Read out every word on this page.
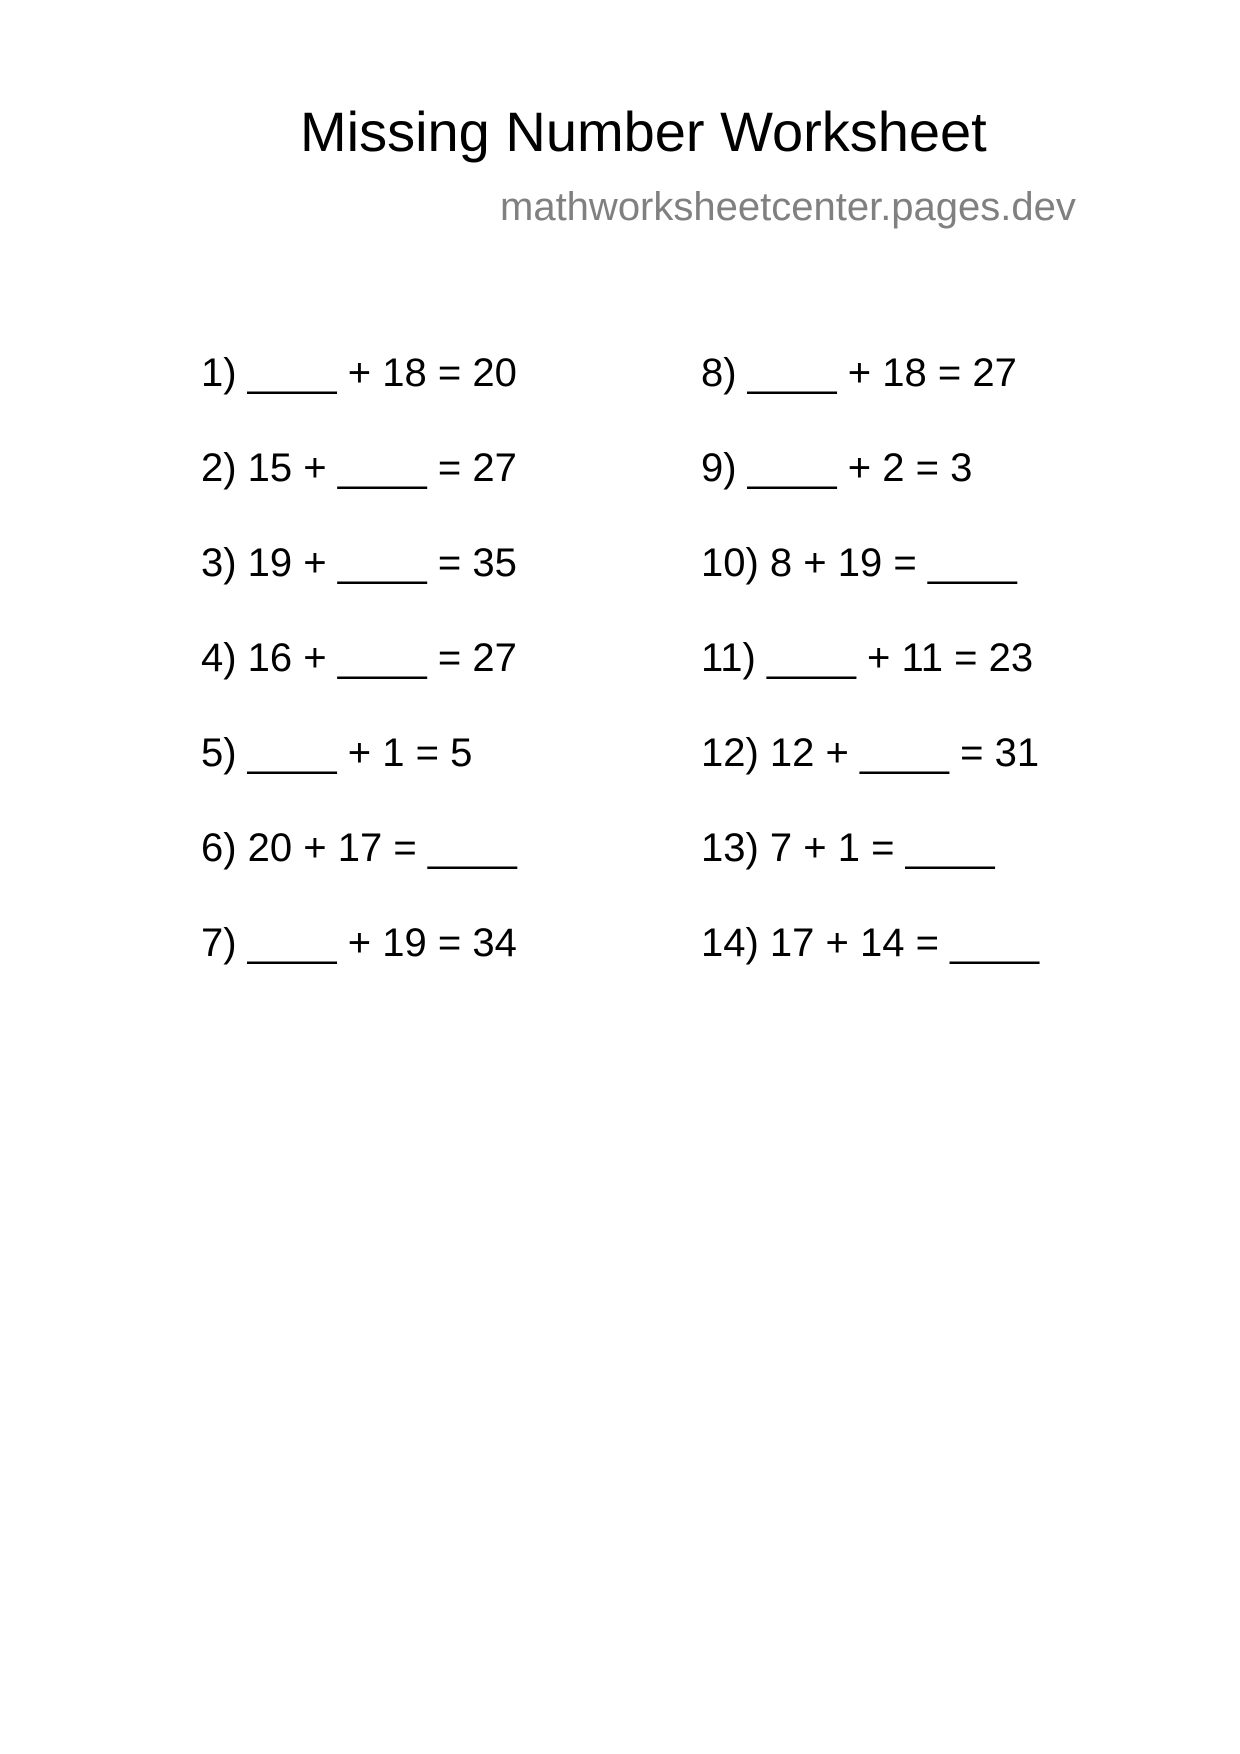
Missing Number Worksheet
mathworksheetcenter.pages.dev
1) ____ + 18 = 20
2) 15 + ____ = 27
3) 19 + ____ = 35
4) 16 + ____ = 27
5) ____ + 1 = 5
6) 20 + 17 = ____
7) ____ + 19 = 34
8) ____ + 18 = 27
9) ____ + 2 = 3
10) 8 + 19 = ____
11) ____ + 11 = 23
12) 12 + ____ = 31
13) 7 + 1 = ____
14) 17 + 14 = ____
